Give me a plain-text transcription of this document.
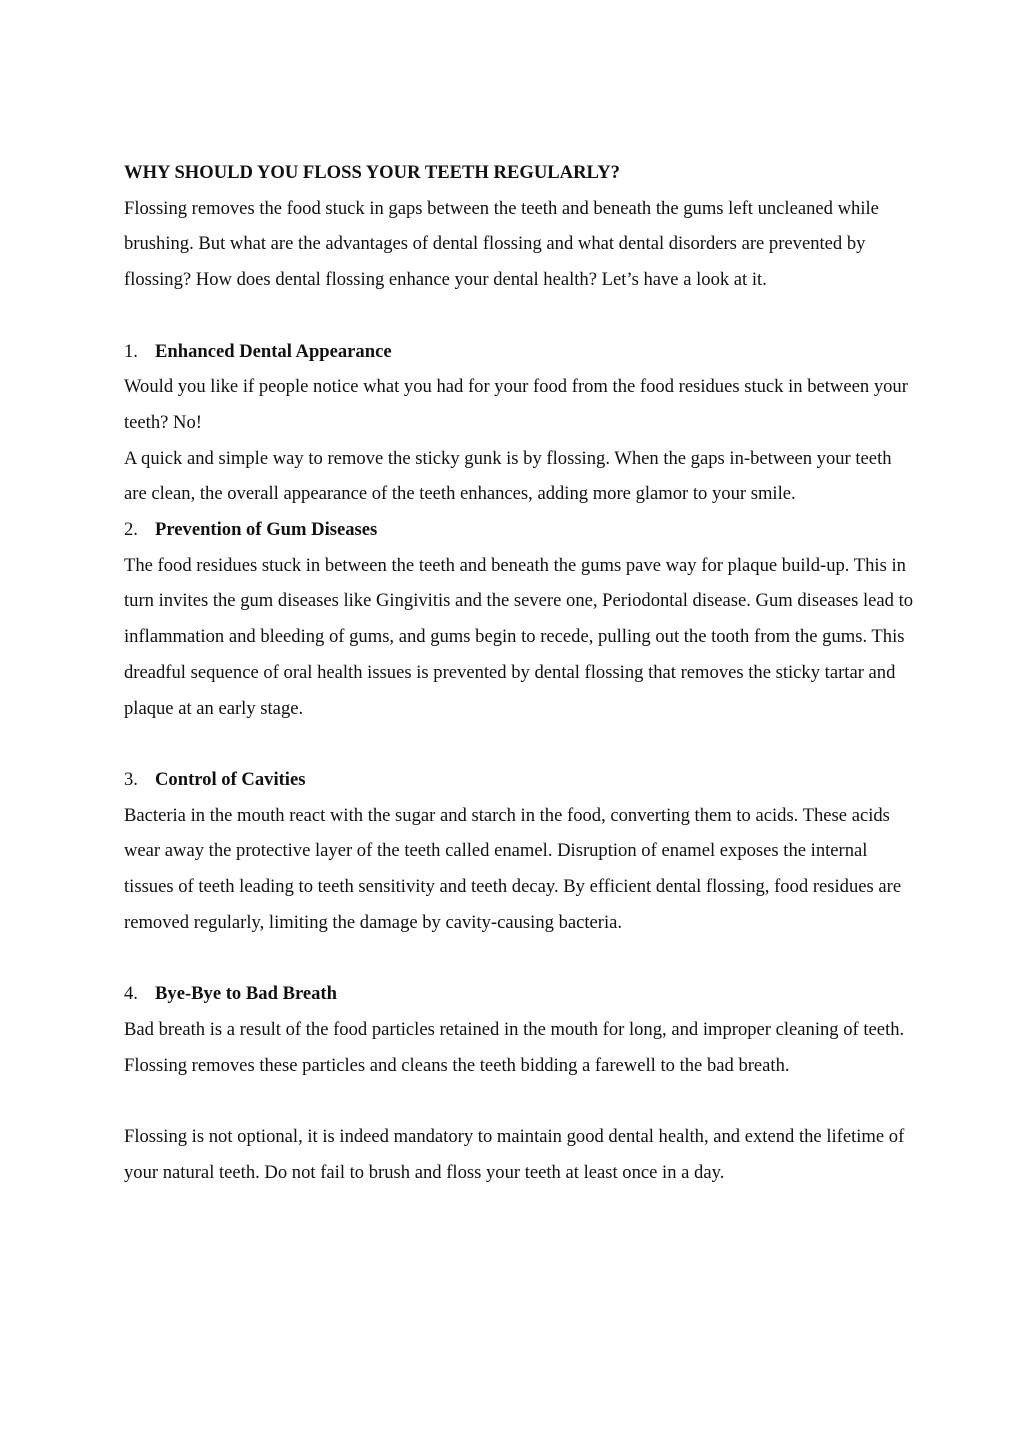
WHY SHOULD YOU FLOSS YOUR TEETH REGULARLY?

Flossing removes the food stuck in gaps between the teeth and beneath the gums left uncleaned while brushing. But what are the advantages of dental flossing and what dental disorders are prevented by flossing? How does dental flossing enhance your dental health? Let’s have a look at it.

1. Enhanced Dental Appearance

Would you like if people notice what you had for your food from the food residues stuck in between your teeth? No!

A quick and simple way to remove the sticky gunk is by flossing. When the gaps in-between your teeth are clean, the overall appearance of the teeth enhances, adding more glamor to your smile.

2. Prevention of Gum Diseases

The food residues stuck in between the teeth and beneath the gums pave way for plaque build-up. This in turn invites the gum diseases like Gingivitis and the severe one, Periodontal disease. Gum diseases lead to inflammation and bleeding of gums, and gums begin to recede, pulling out the tooth from the gums. This dreadful sequence of oral health issues is prevented by dental flossing that removes the sticky tartar and plaque at an early stage.

3. Control of Cavities

Bacteria in the mouth react with the sugar and starch in the food, converting them to acids. These acids wear away the protective layer of the teeth called enamel. Disruption of enamel exposes the internal tissues of teeth leading to teeth sensitivity and teeth decay. By efficient dental flossing, food residues are removed regularly, limiting the damage by cavity-causing bacteria.

4. Bye-Bye to Bad Breath

Bad breath is a result of the food particles retained in the mouth for long, and improper cleaning of teeth. Flossing removes these particles and cleans the teeth bidding a farewell to the bad breath.

Flossing is not optional, it is indeed mandatory to maintain good dental health, and extend the lifetime of your natural teeth. Do not fail to brush and floss your teeth at least once in a day.
